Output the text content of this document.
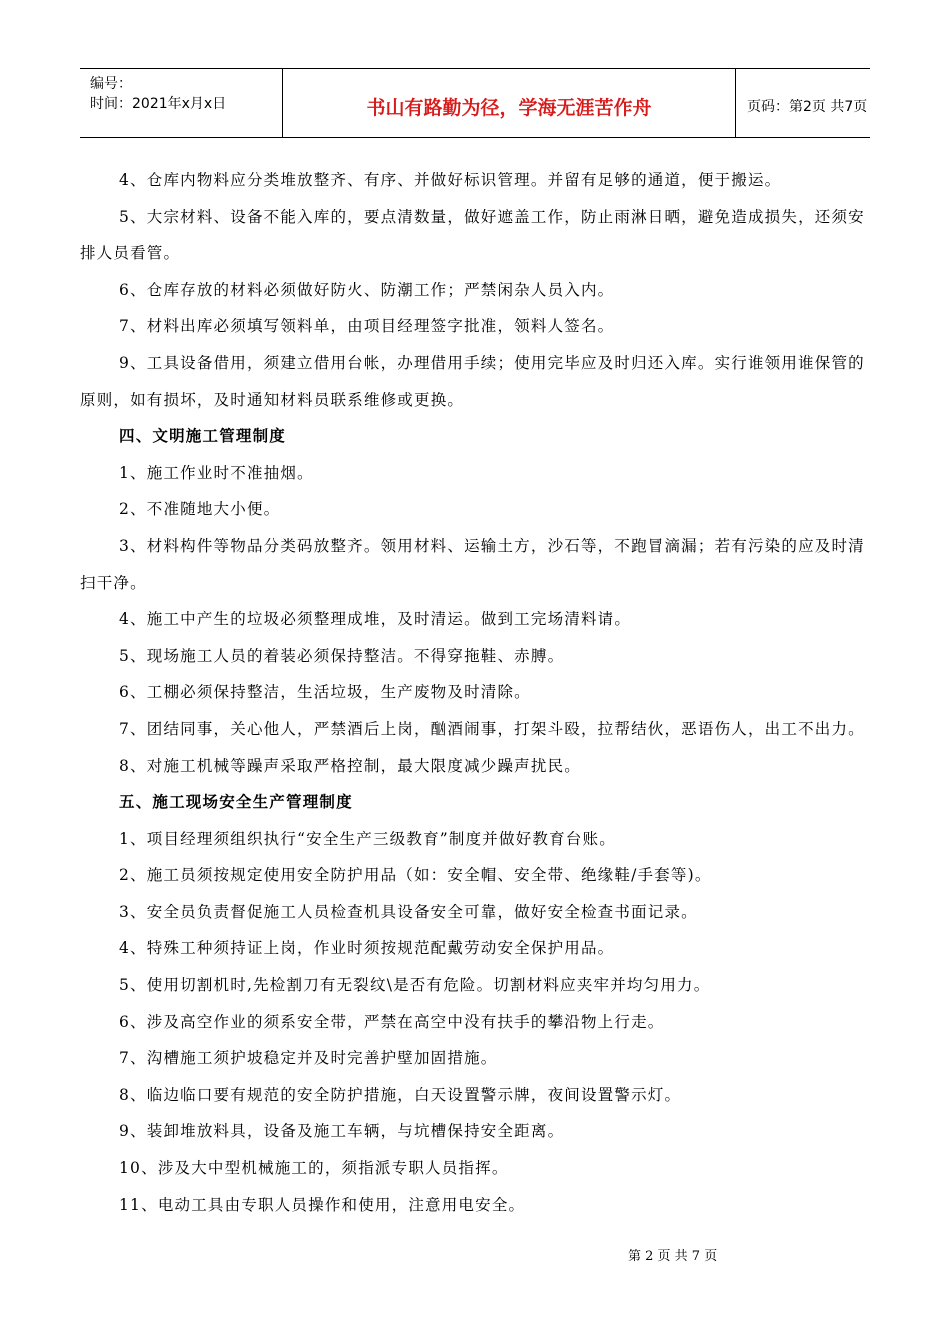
编号：
时间：2021年x月x日	书山有路勤为径，学海无涯苦作舟	页码：第2页 共7页

4、仓库内物料应分类堆放整齐、有序、并做好标识管理。并留有足够的通道，便于搬运。

5、大宗材料、设备不能入库的，要点清数量，做好遮盖工作，防止雨淋日晒，避免造成损失，还须安排人员看管。

6、仓库存放的材料必须做好防火、防潮工作；严禁闲杂人员入内。

7、材料出库必须填写领料单，由项目经理签字批准，领料人签名。

9、工具设备借用，须建立借用台帐，办理借用手续；使用完毕应及时归还入库。实行谁领用谁保管的原则，如有损坏，及时通知材料员联系维修或更换。

四、文明施工管理制度

1、施工作业时不准抽烟。

2、不准随地大小便。

3、材料构件等物品分类码放整齐。领用材料、运输土方，沙石等，不跑冒滴漏；若有污染的应及时清扫干净。

4、施工中产生的垃圾必须整理成堆，及时清运。做到工完场清料请。

5、现场施工人员的着装必须保持整洁。不得穿拖鞋、赤膊。

6、工棚必须保持整洁，生活垃圾，生产废物及时清除。

7、团结同事，关心他人，严禁酒后上岗，酗酒闹事，打架斗殴，拉帮结伙，恶语伤人，出工不出力。

8、对施工机械等躁声采取严格控制，最大限度减少躁声扰民。

五、施工现场安全生产管理制度

1、项目经理须组织执行“安全生产三级教育”制度并做好教育台账。

2、施工员须按规定使用安全防护用品（如：安全帽、安全带、绝缘鞋/手套等)。

3、安全员负责督促施工人员检查机具设备安全可靠，做好安全检查书面记录。

4、特殊工种须持证上岗，作业时须按规范配戴劳动安全保护用品。

5、使用切割机时,先检割刀有无裂纹\是否有危险。切割材料应夹牢并均匀用力。

6、涉及高空作业的须系安全带，严禁在高空中没有扶手的攀沿物上行走。

7、沟槽施工须护坡稳定并及时完善护壁加固措施。

8、临边临口要有规范的安全防护措施，白天设置警示牌，夜间设置警示灯。

9、装卸堆放料具，设备及施工车辆，与坑槽保持安全距离。

10、涉及大中型机械施工的，须指派专职人员指挥。

11、电动工具由专职人员操作和使用，注意用电安全。

第 2 页 共 7 页
